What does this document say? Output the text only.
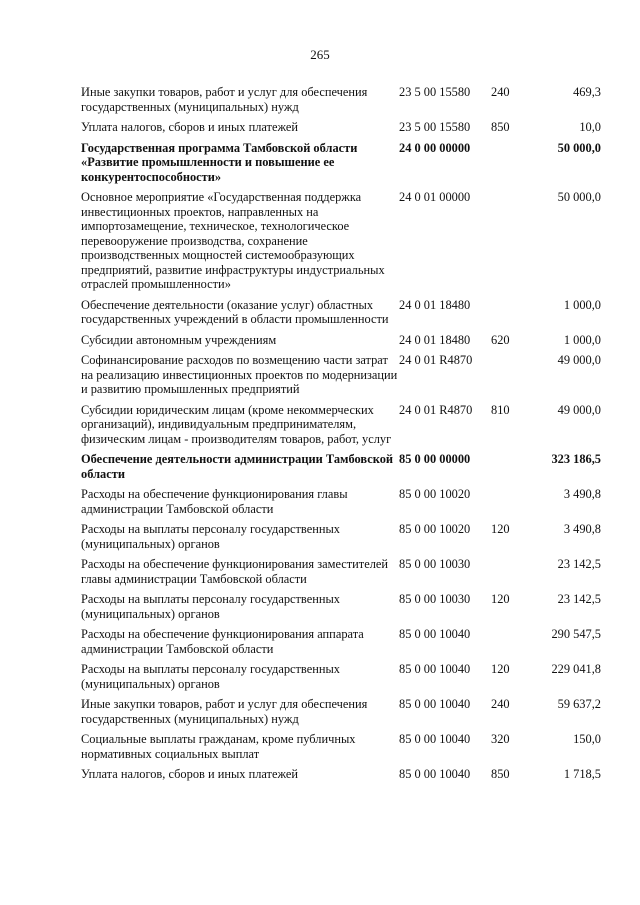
265
Иные закупки товаров, работ и услуг для обеспечения государственных (муниципальных) нужд	23 5 00 15580	240	469,3
Уплата налогов, сборов и иных платежей	23 5 00 15580	850	10,0
Государственная программа Тамбовской области «Развитие промышленности и повышение ее конкурентоспособности»	24 0 00 00000		50 000,0
Основное мероприятие «Государственная поддержка инвестиционных проектов, направленных на импортозамещение, техническое, технологическое перевооружение производства, сохранение производственных мощностей системообразующих предприятий, развитие инфраструктуры индустриальных отраслей промышленности»	24 0 01 00000		50 000,0
Обеспечение деятельности (оказание услуг) областных государственных учреждений в области промышленности	24 0 01 18480		1 000,0
Субсидии автономным учреждениям	24 0 01 18480	620	1 000,0
Софинансирование расходов по возмещению части затрат на реализацию инвестиционных проектов по модернизации и развитию промышленных предприятий	24 0 01 R4870		49 000,0
Субсидии юридическим лицам (кроме некоммерческих организаций), индивидуальным предпринимателям, физическим лицам - производителям товаров, работ, услуг	24 0 01 R4870	810	49 000,0
Обеспечение деятельности администрации Тамбовской области	85 0 00 00000		323 186,5
Расходы на обеспечение функционирования главы администрации Тамбовской области	85 0 00 10020		3 490,8
Расходы на выплаты персоналу государственных (муниципальных) органов	85 0 00 10020	120	3 490,8
Расходы на обеспечение функционирования заместителей главы администрации Тамбовской области	85 0 00 10030		23 142,5
Расходы на выплаты персоналу государственных (муниципальных) органов	85 0 00 10030	120	23 142,5
Расходы на обеспечение функционирования аппарата администрации Тамбовской области	85 0 00 10040		290 547,5
Расходы на выплаты персоналу государственных (муниципальных) органов	85 0 00 10040	120	229 041,8
Иные закупки товаров, работ и услуг для обеспечения государственных (муниципальных) нужд	85 0 00 10040	240	59 637,2
Социальные выплаты гражданам, кроме публичных нормативных социальных выплат	85 0 00 10040	320	150,0
Уплата налогов, сборов и иных платежей	85 0 00 10040	850	1 718,5
